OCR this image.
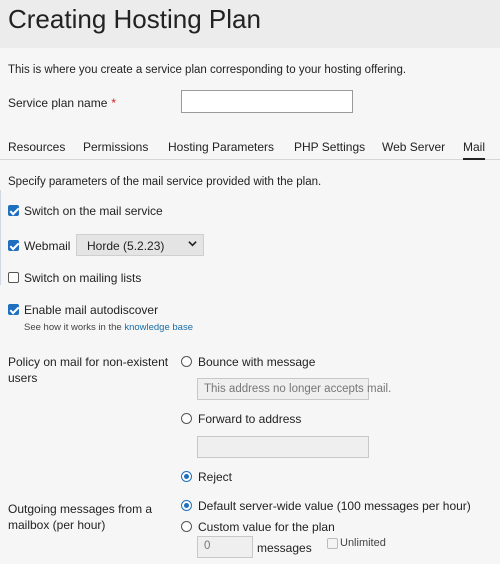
Creating Hosting Plan
This is where you create a service plan corresponding to your hosting offering.
Service plan name *
Resources Permissions Hosting Parameters PHP Settings Web Server Mail
Specify parameters of the mail service provided with the plan.
Switch on the mail service
Webmail Horde (5.2.23)
Switch on mailing lists
Enable mail autodiscover
See how it works in the knowledge base
Policy on mail for non-existent
users
Bounce with message
This address no longer accepts mail.
Forward to address
Reject
Outgoing messages from a
mailbox (per hour)
Default server-wide value (100 messages per hour)
Custom value for the plan
0	messages	Unlimited
